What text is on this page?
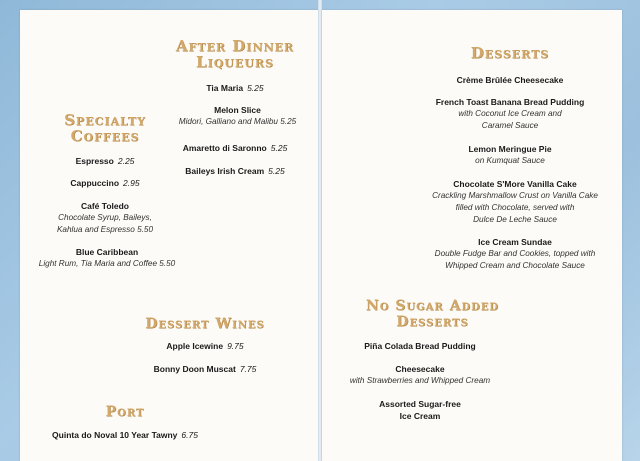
After Dinner
Liqueurs
Tia Maria 5.25
Melon Slice
Midori, Galliano and Malibu 5.25
Amaretto di Saronno 5.25
Baileys Irish Cream 5.25
Specialty
Coffees
Espresso 2.25
Cappuccino 2.95
Café Toledo
Chocolate Syrup, Baileys,
Kahlua and Espresso 5.50
Blue Caribbean
Light Rum, Tia Maria and Coffee 5.50
Dessert Wines
Apple Icewine 9.75
Bonny Doon Muscat 7.75
Port
Quinta do Noval 10 Year Tawny 6.75
Desserts
Crème Brûlée Cheesecake
French Toast Banana Bread Pudding
with Coconut Ice Cream and
Caramel Sauce
Lemon Meringue Pie
on Kumquat Sauce
Chocolate S'More Vanilla Cake
Crackling Marshmallow Crust on Vanilla Cake
filled with Chocolate, served with
Dulce De Leche Sauce
Ice Cream Sundae
Double Fudge Bar and Cookies, topped with
Whipped Cream and Chocolate Sauce
No Sugar Added
Desserts
Piña Colada Bread Pudding
Cheesecake
with Strawberries and Whipped Cream
Assorted Sugar-free
Ice Cream
